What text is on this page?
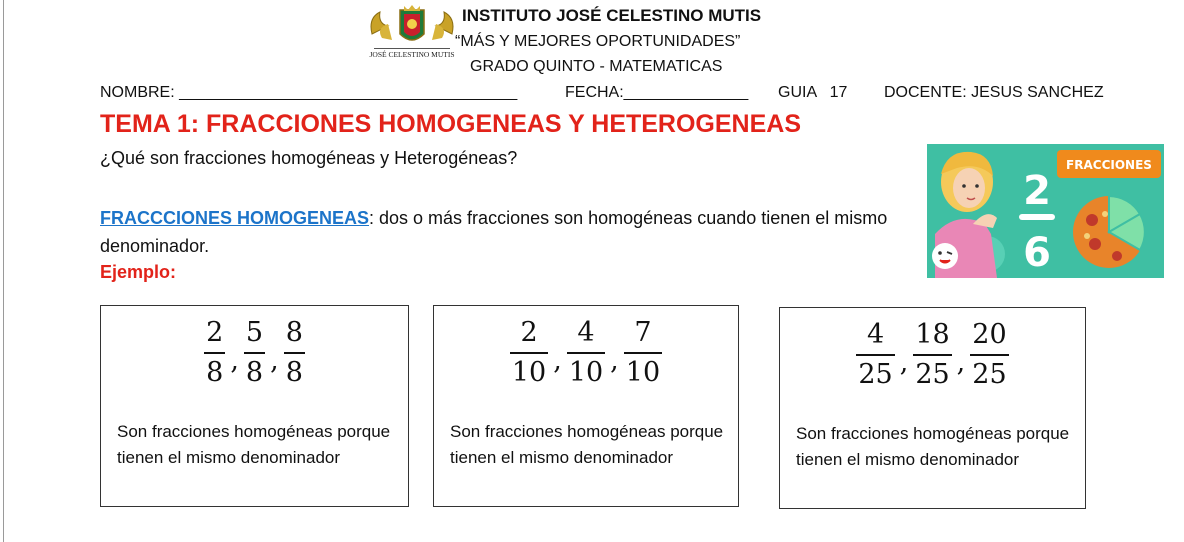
JOSÉ CELESTINO MUTIS
INSTITUTO JOSÉ CELESTINO MUTIS
“MÁS Y MEJORES OPORTUNIDADES”
GRADO QUINTO - MATEMATICAS
NOMBRE: ______________________________________	FECHA:______________ GUIA   17 DOCENTE: JESUS SANCHEZ
TEMA 1: FRACCIONES HOMOGENEAS Y HETEROGENEAS
¿Qué son fracciones homogéneas y Heterogéneas?
FRACCCIONES HOMOGENEAS: dos o más fracciones son homogéneas cuando tienen el mismo denominador.
Ejemplo:
2
6
FRACCIONES
$\frac{2}{8}$ , $\frac{5}{8}$ , $\frac{8}{8}$
Son fracciones homogéneas porque tienen el mismo denominador
$\frac{2}{10}$ , $\frac{4}{10}$ , $\frac{7}{10}$
Son fracciones homogéneas porque tienen el mismo denominador
$\frac{4}{25}$ , $\frac{18}{25}$ , $\frac{20}{25}$
Son fracciones homogéneas porque tienen el mismo denominador
